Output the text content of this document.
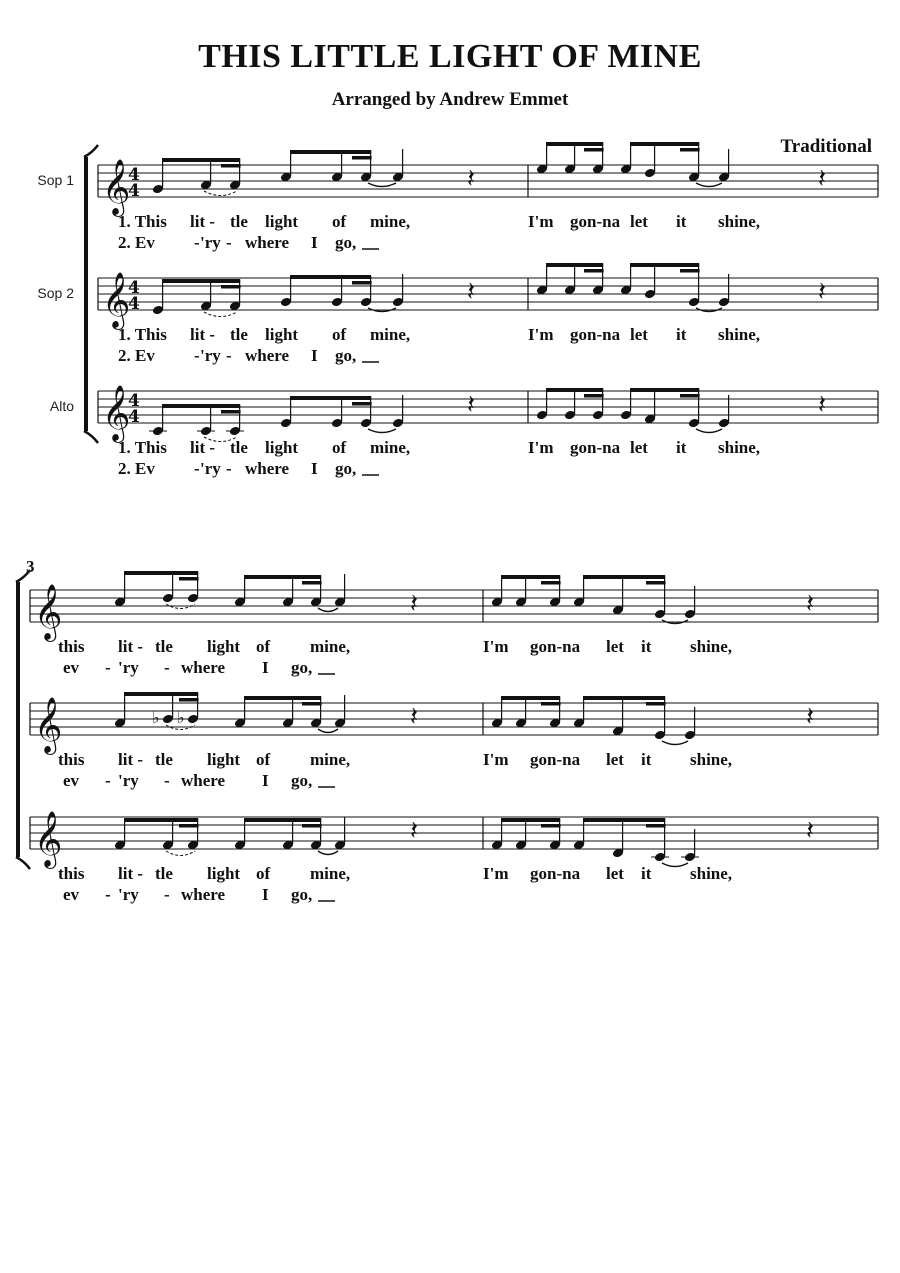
THIS LITTLE LIGHT OF MINE
Arranged by Andrew Emmet
Traditional
𝄞
4
4
Sop 1	𝄽	𝄽
1. This lit - tle light of mine,	I'm gon-na let it shine,
2. Ev - 'ry - where I go,
𝄞
4
4
Sop 2	𝄽	𝄽
1. This lit - tle light of mine,	I'm gon-na let it shine,
2. Ev - 'ry - where I go,
𝄞
4
4
Alto	𝄽	𝄽
1. This lit - tle light of mine,	I'm gon-na let it shine,
2. Ev - 'ry - where I go,
3
𝄞	𝄽	𝄽
this lit - tle light of mine,	I'm gon-na let it shine,
ev - 'ry - where I go,
𝄞	♭ ♭	𝄽	𝄽
this lit - tle light of mine,	I'm gon-na let it shine,
ev - 'ry - where I go,
𝄞	𝄽	𝄽
this lit - tle light of mine,	I'm gon-na let it shine,
ev - 'ry - where I go,
